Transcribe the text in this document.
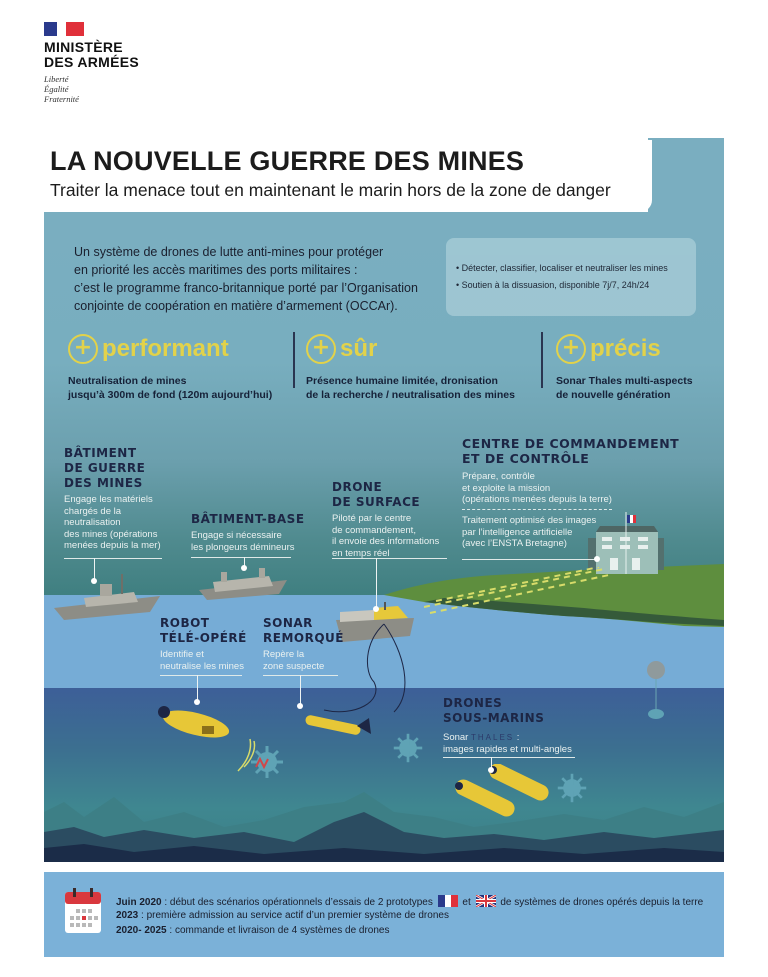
MINISTÈRE
DES ARMÉES
Liberté
Égalité
Fraternité
Un système de drones de lutte anti-mines pour protéger
en priorité les accès maritimes des ports militaires :
c’est le programme franco-britannique porté par l’Organisation
conjointe de coopération en matière d’armement (OCCAr).
• Détecter, classifier, localiser et neutraliser les mines
• Soutien à la dissuasion, disponible 7j/7, 24h/24
+ performant
Neutralisation de mines
jusqu’à 300m de fond (120m aujourd’hui)
+ sûr
Présence humaine limitée, dronisation
de la recherche / neutralisation des mines
+ précis
Sonar Thales multi-aspects
de nouvelle génération
BÂTIMENT
DE GUERRE
DES MINES
Engage les matériels
chargés de la
neutralisation
des mines (opérations
menées depuis la mer)
BÂTIMENT-BASE
Engage si nécessaire
les plongeurs démineurs
DRONE
DE SURFACE
Piloté par le centre
de commandement,
il envoie des informations
en temps réel
CENTRE DE COMMANDEMENT
ET DE CONTRÔLE
Prépare, contrôle
et exploite la mission
(opérations menées depuis la terre)
Traitement optimisé des images
par l’intelligence artificielle
(avec l’ENSTA Bretagne)
ROBOT
TÉLÉ-OPÉRÉ
Identifie et
neutralise les mines
SONAR
REMORQUÉ
Repère la
zone suspecte
DRONES
SOUS-MARINS
Sonar THALES :
images rapides et multi-angles
LA NOUVELLE GUERRE DES MINES
Traiter la menace tout en maintenant le marin hors de la zone de danger
Juin 2020 : début des scénarios opérationnels d’essais de 2 prototypes  et  de systèmes de drones opérés depuis la terre
2023 : première admission au service actif d’un premier système de drones
2020- 2025 : commande et livraison de 4 systèmes de drones
